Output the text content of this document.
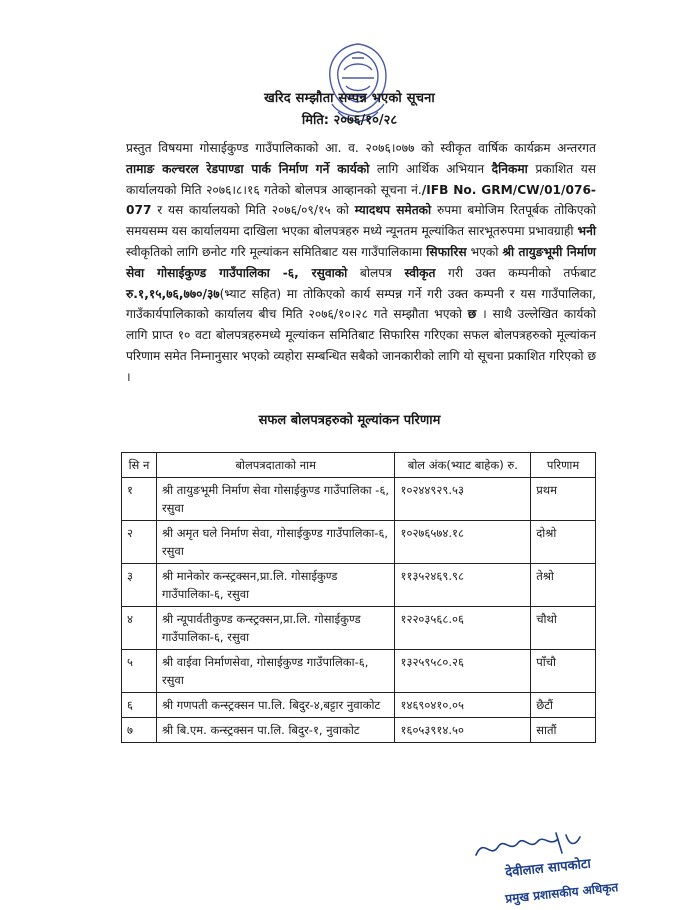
खरिद सम्झौता सम्पन्न भएको सूचना
मिति: २०७६/१०/२८
प्रस्तुत विषयमा गोसाईकुण्ड गाउँपालिकाको आ. व. २०७६।०७७ को स्वीकृत वार्षिक कार्यक्रम अन्तरगत तामाङ कल्चरल रेडपाण्डा पार्क निर्माण गर्ने कार्यको लागि आर्थिक अभियान दैनिकमा प्रकाशित यस कार्यालयको मिति २०७६।८।१६ गतेको बोलपत्र आव्हानको सूचना नं./IFB No. GRM/CW/01/076-077 र यस कार्यालयको मिति २०७६/०९/१५ को म्यादथप समेतको रुपमा बमोजिम रितपूर्बक तोकिएको समयसम्म यस कार्यालयमा दाखिला भएका बोलपत्रहरु मध्ये न्यूनतम मूल्यांकित सारभूतरुपमा प्रभावग्राही भनी स्वीकृतिको लागि छनोट गरि मूल्यांकन समितिबाट यस गाउँपालिकामा सिफारिस भएको श्री तायुङभूमी निर्माण सेवा गोसाईकुण्ड गाउँपालिका -६, रसुवाको बोलपत्र स्वीकृत गरी उक्त कम्पनीको तर्फबाट रु.१,१५,७६,७७०/३७(भ्याट सहित) मा तोकिएको कार्य सम्पन्न गर्ने गरी उक्त कम्पनी र यस गाउँपालिका, गाउँकार्यपालिकाको कार्यालय बीच मिति २०७६/१०।२८ गते सम्झौता भएको छ । साथै उल्लेखित कार्यको लागि प्राप्त १० वटा बोलपत्रहरुमध्ये मूल्यांकन समितिबाट सिफारिस गरिएका सफल बोलपत्रहरुको मूल्यांकन परिणाम समेत निम्नानुसार भएको व्यहोरा सम्बन्धित सबैको जानकारीको लागि यो सूचना प्रकाशित गरिएको छ ।
सफल बोलपत्रहरुको मूल्यांकन परिणाम
सि न	बोलपत्रदाताको नाम	बोल अंक(भ्याट बाहेक) रु.	परिणाम
१	श्री तायुङभूमी निर्माण सेवा गोसाईकुण्ड गाउँपालिका -६, रसुवा	१०२४४९२९.५३	प्रथम
२	श्री अमृत घले निर्माण सेवा, गोसाईकुण्ड गाउँपालिका-६, रसुवा	१०२७६५७४.१८	दोश्रो
३	श्री मानेकोर कन्स्ट्रक्सन,प्रा.लि. गोसाईकुण्ड गाउँपालिका-६, रसुवा	११३५२४६९.९८	तेश्रो
४	श्री न्यूपार्वतीकुण्ड कन्स्ट्रक्सन,प्रा.लि. गोसाईकुण्ड गाउँपालिका-६, रसुवा	१२२०३५६८.०६	चौथो
५	श्री वाईवा निर्माणसेवा, गोसाईकुण्ड गाउँपालिका-६, रसुवा	१३२५९५८०.२६	पाँचौ
६	श्री गणपती कन्स्ट्रक्सन पा.लि. बिदुर-४,बट्टार नुवाकोट	१४६९०४१०.०५	छैटौं
७	श्री बि.एम. कन्स्ट्रक्सन पा.लि. बिदुर-१, नुवाकोट	१६०५३९१४.५०	सातौं
देवीलाल सापकोटा
प्रमुख प्रशासकीय अधिकृत
